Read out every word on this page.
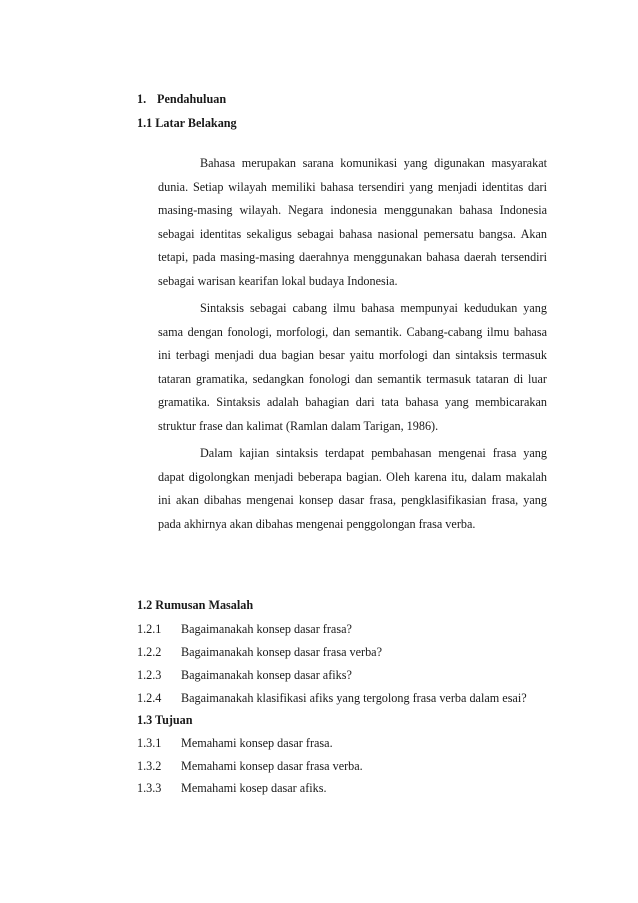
1. Pendahuluan
1.1 Latar Belakang
Bahasa merupakan sarana komunikasi yang digunakan masyarakat dunia. Setiap wilayah memiliki bahasa tersendiri yang menjadi identitas dari masing-masing wilayah. Negara indonesia menggunakan bahasa Indonesia sebagai identitas sekaligus sebagai bahasa nasional pemersatu bangsa. Akan tetapi, pada masing-masing daerahnya menggunakan bahasa daerah tersendiri sebagai warisan kearifan lokal budaya Indonesia.
Sintaksis sebagai cabang ilmu bahasa mempunyai kedudukan yang sama dengan fonologi, morfologi, dan semantik. Cabang-cabang ilmu bahasa ini terbagi menjadi dua bagian besar yaitu morfologi dan sintaksis termasuk tataran gramatika, sedangkan fonologi dan semantik termasuk tataran di luar gramatika. Sintaksis adalah bahagian dari tata bahasa yang membicarakan struktur frase dan kalimat (Ramlan dalam Tarigan, 1986).
Dalam kajian sintaksis terdapat pembahasan mengenai frasa yang dapat digolongkan menjadi beberapa bagian. Oleh karena itu, dalam makalah ini akan dibahas mengenai konsep dasar frasa, pengklasifikasian frasa, yang pada akhirnya akan dibahas mengenai penggolongan frasa verba.
1.2 Rumusan Masalah
1.2.1 Bagaimanakah konsep dasar frasa?
1.2.2 Bagaimanakah konsep dasar frasa verba?
1.2.3 Bagaimanakah konsep dasar afiks?
1.2.4 Bagaimanakah klasifikasi afiks yang tergolong frasa verba dalam esai?
1.3 Tujuan
1.3.1 Memahami konsep dasar frasa.
1.3.2 Memahami konsep dasar frasa verba.
1.3.3 Memahami kosep dasar afiks.
